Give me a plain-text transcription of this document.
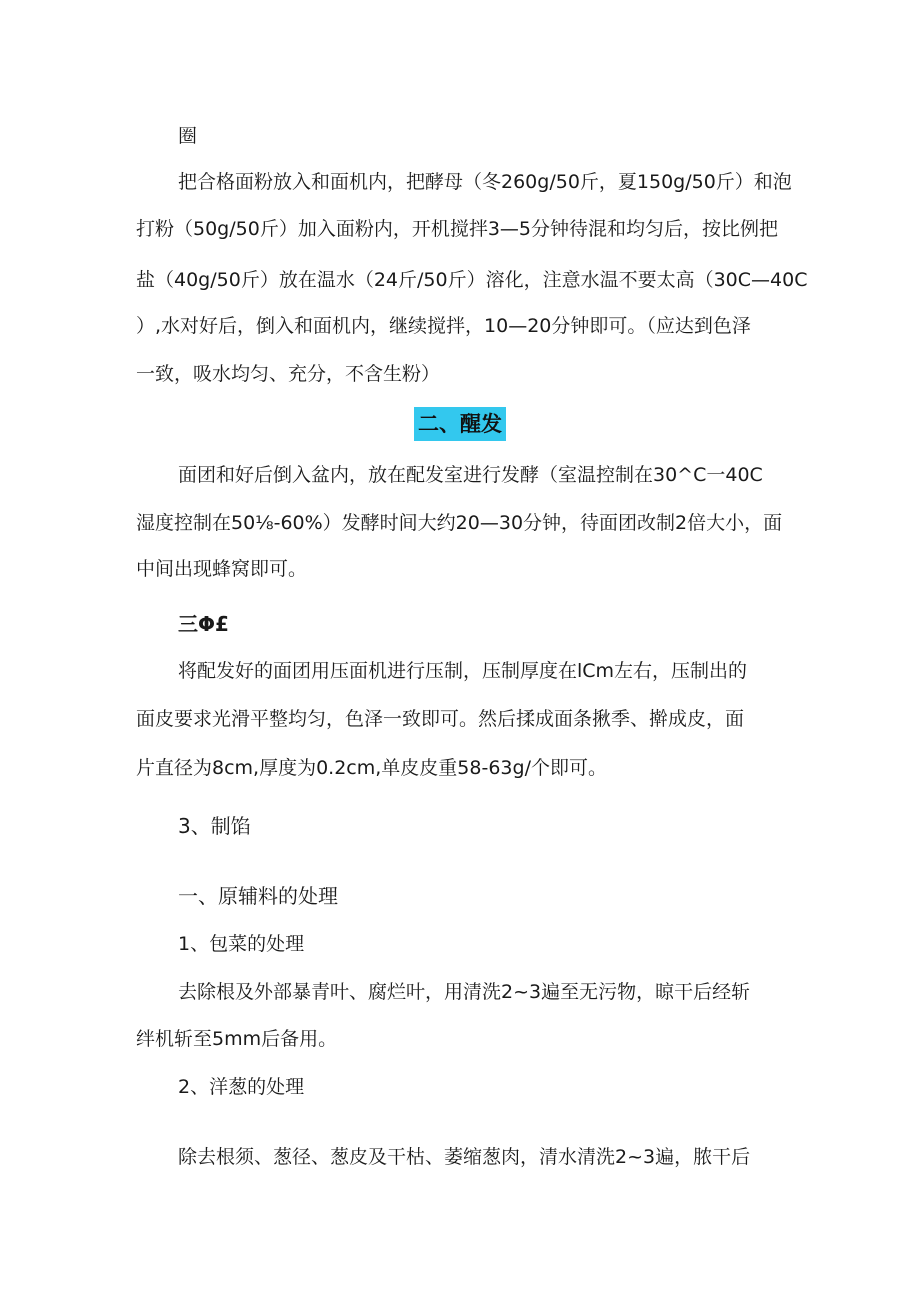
圈
把合格面粉放入和面机内，把酵母（冬260g/50斤，夏150g/50斤）和泡
打粉（50g/50斤）加入面粉内，开机搅拌3—5分钟待混和均匀后，按比例把
盐（40g/50斤）放在温水（24斤/50斤）溶化，注意水温不要太高（30C—40C
）,水对好后，倒入和面机内，继续搅拌，10—20分钟即可。（应达到色泽
一致，吸水均匀、充分，不含生粉）
二、醒发
面团和好后倒入盆内，放在配发室进行发酵（室温控制在30^C一40C
湿度控制在50⅛-60%）发酵时间大约20—30分钟，待面团改制2倍大小，面
中间出现蜂窝即可。
三Φ£
将配发好的面团用压面机进行压制，压制厚度在lCm左右，压制出的
面皮要求光滑平整均匀，色泽一致即可。然后揉成面条揪季、擀成皮，面
片直径为8cm,厚度为0.2cm,单皮皮重58-63g/个即可。
3、制馅
一、原辅料的处理
1、包菜的处理
去除根及外部暴青叶、腐烂叶，用清洗2~3遍至无污物，晾干后经斩
绊机斩至5mm后备用。
2、洋葱的处理
除去根须、葱径、葱皮及干枯、萎缩葱肉，清水清洗2~3遍，脓干后
